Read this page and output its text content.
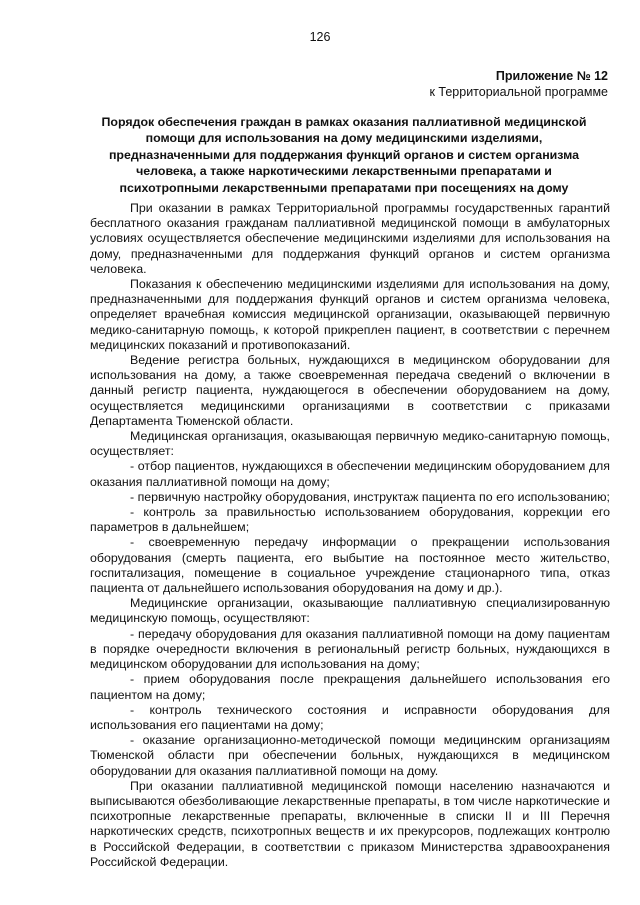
126
Приложение № 12
к Территориальной программе
Порядок обеспечения граждан в рамках оказания паллиативной медицинской помощи для использования на дому медицинскими изделиями, предназначенными для поддержания функций органов и систем организма человека, а также наркотическими лекарственными препаратами и психотропными лекарственными препаратами при посещениях на дому

При оказании в рамках Территориальной программы государственных гарантий бесплатного оказания гражданам паллиативной медицинской помощи в амбулаторных условиях осуществляется обеспечение медицинскими изделиями для использования на дому, предназначенными для поддержания функций органов и систем организма человека.

Показания к обеспечению медицинскими изделиями для использования на дому, предназначенными для поддержания функций органов и систем организма человека, определяет врачебная комиссия медицинской организации, оказывающей первичную медико-санитарную помощь, к которой прикреплен пациент, в соответствии с перечнем медицинских показаний и противопоказаний.

Ведение регистра больных, нуждающихся в медицинском оборудовании для использования на дому, а также своевременная передача сведений о включении в данный регистр пациента, нуждающегося в обеспечении оборудованием на дому, осуществляется медицинскими организациями в соответствии с приказами Департамента Тюменской области.

Медицинская организация, оказывающая первичную медико-санитарную помощь, осуществляет:

- отбор пациентов, нуждающихся в обеспечении медицинским оборудованием для оказания паллиативной помощи на дому;

- первичную настройку оборудования, инструктаж пациента по его использованию;

- контроль за правильностью использованием оборудования, коррекции его параметров в дальнейшем;

- своевременную передачу информации о прекращении использования оборудования (смерть пациента, его выбытие на постоянное место жительство, госпитализация, помещение в социальное учреждение стационарного типа, отказ пациента от дальнейшего использования оборудования на дому и др.).

Медицинские организации, оказывающие паллиативную специализированную медицинскую помощь, осуществляют:

- передачу оборудования для оказания паллиативной помощи на дому пациентам в порядке очередности включения в региональный регистр больных, нуждающихся в медицинском оборудовании для использования на дому;

- прием оборудования после прекращения дальнейшего использования его пациентом на дому;

- контроль технического состояния и исправности оборудования для использования его пациентами на дому;

- оказание организационно-методической помощи медицинским организациям Тюменской области при обеспечении больных, нуждающихся в медицинском оборудовании для оказания паллиативной помощи на дому.

При оказании паллиативной медицинской помощи населению назначаются и выписываются обезболивающие лекарственные препараты, в том числе наркотические и психотропные лекарственные препараты, включенные в списки II и III Перечня наркотических средств, психотропных веществ и их прекурсоров, подлежащих контролю в Российской Федерации, в соответствии с приказом Министерства здравоохранения Российской Федерации.
